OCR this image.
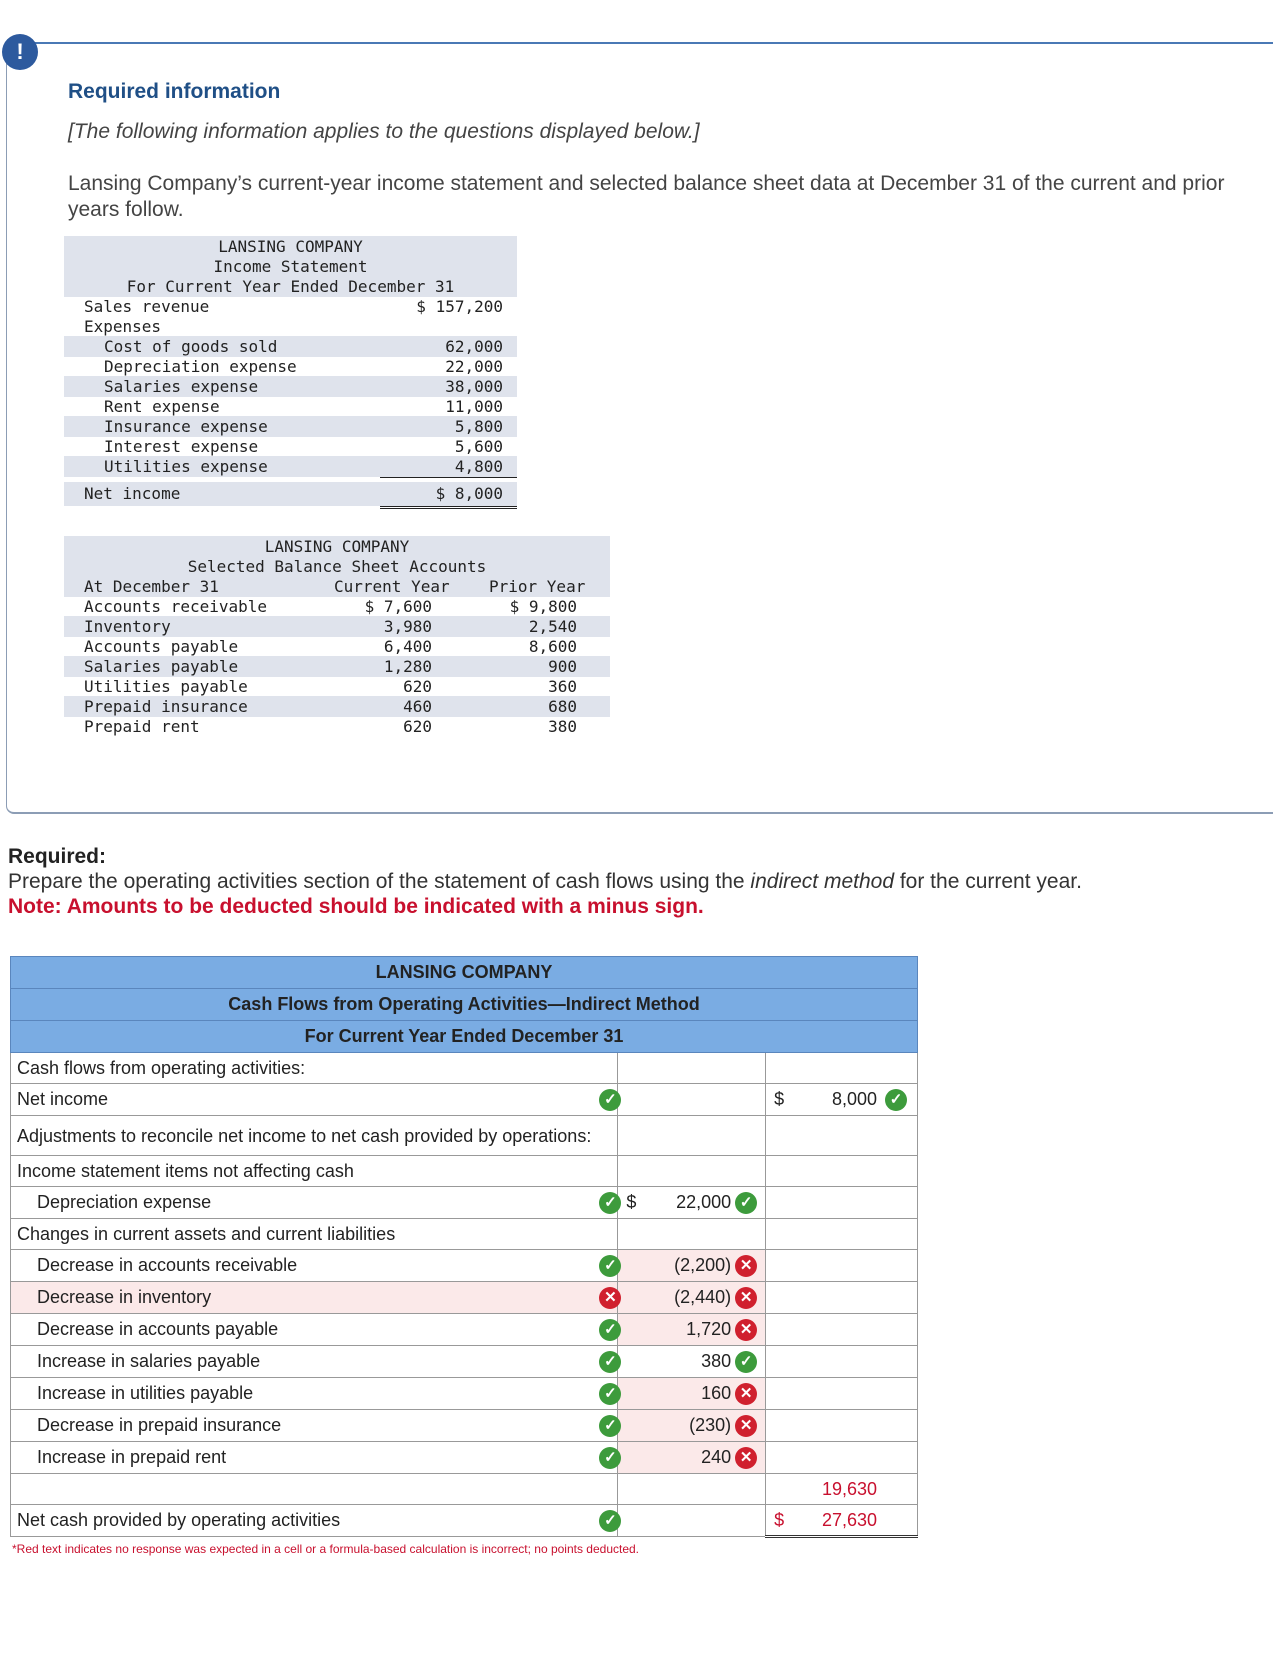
!
Required information
[The following information applies to the questions displayed below.]
Lansing Company’s current-year income statement and selected balance sheet data at December 31 of the current and prior years follow.
LANSING COMPANY
Income Statement
For Current Year Ended December 31
Sales revenue	$ 157,200
Expenses
Cost of goods sold	62,000
Depreciation expense	22,000
Salaries expense	38,000
Rent expense	11,000
Insurance expense	5,800
Interest expense	5,600
Utilities expense	4,800
Net income	$ 8,000
LANSING COMPANY
Selected Balance Sheet Accounts
At December 31	Current Year Prior Year
Accounts receivable	$ 7,600	$ 9,800
Inventory	3,980	2,540
Accounts payable	6,400	8,600
Salaries payable	1,280	900
Utilities payable	620	360
Prepaid insurance	460	680
Prepaid rent	620	380
Required:
Prepare the operating activities section of the statement of cash flows using the indirect method for the current year.
Note: Amounts to be deducted should be indicated with a minus sign.
LANSING COMPANY		
Cash Flows from Operating Activities—Indirect Method		
For Current Year Ended December 31		
Cash flows from operating activities:		

Net income ✓		$ 8,000 ✓

Adjustments to reconcile net income to net cash provided by operations:		
Income statement items not affecting cash		

Depreciation expense ✓	$ 22,000 ✓	

Changes in current assets and current liabilities		

Decrease in accounts receivable ✓	(2,200) ✕	

Decrease in inventory ✕	(2,440) ✕	

Decrease in accounts payable ✓	1,720 ✕	

Increase in salaries payable ✓	380 ✓	

Increase in utilities payable ✓	160 ✕	

Decrease in prepaid insurance ✓	(230) ✕	

Increase in prepaid rent ✓	240 ✕	

		19,630

Net cash provided by operating activities ✓		$ 27,630
*Red text indicates no response was expected in a cell or a formula-based calculation is incorrect; no points deducted.
